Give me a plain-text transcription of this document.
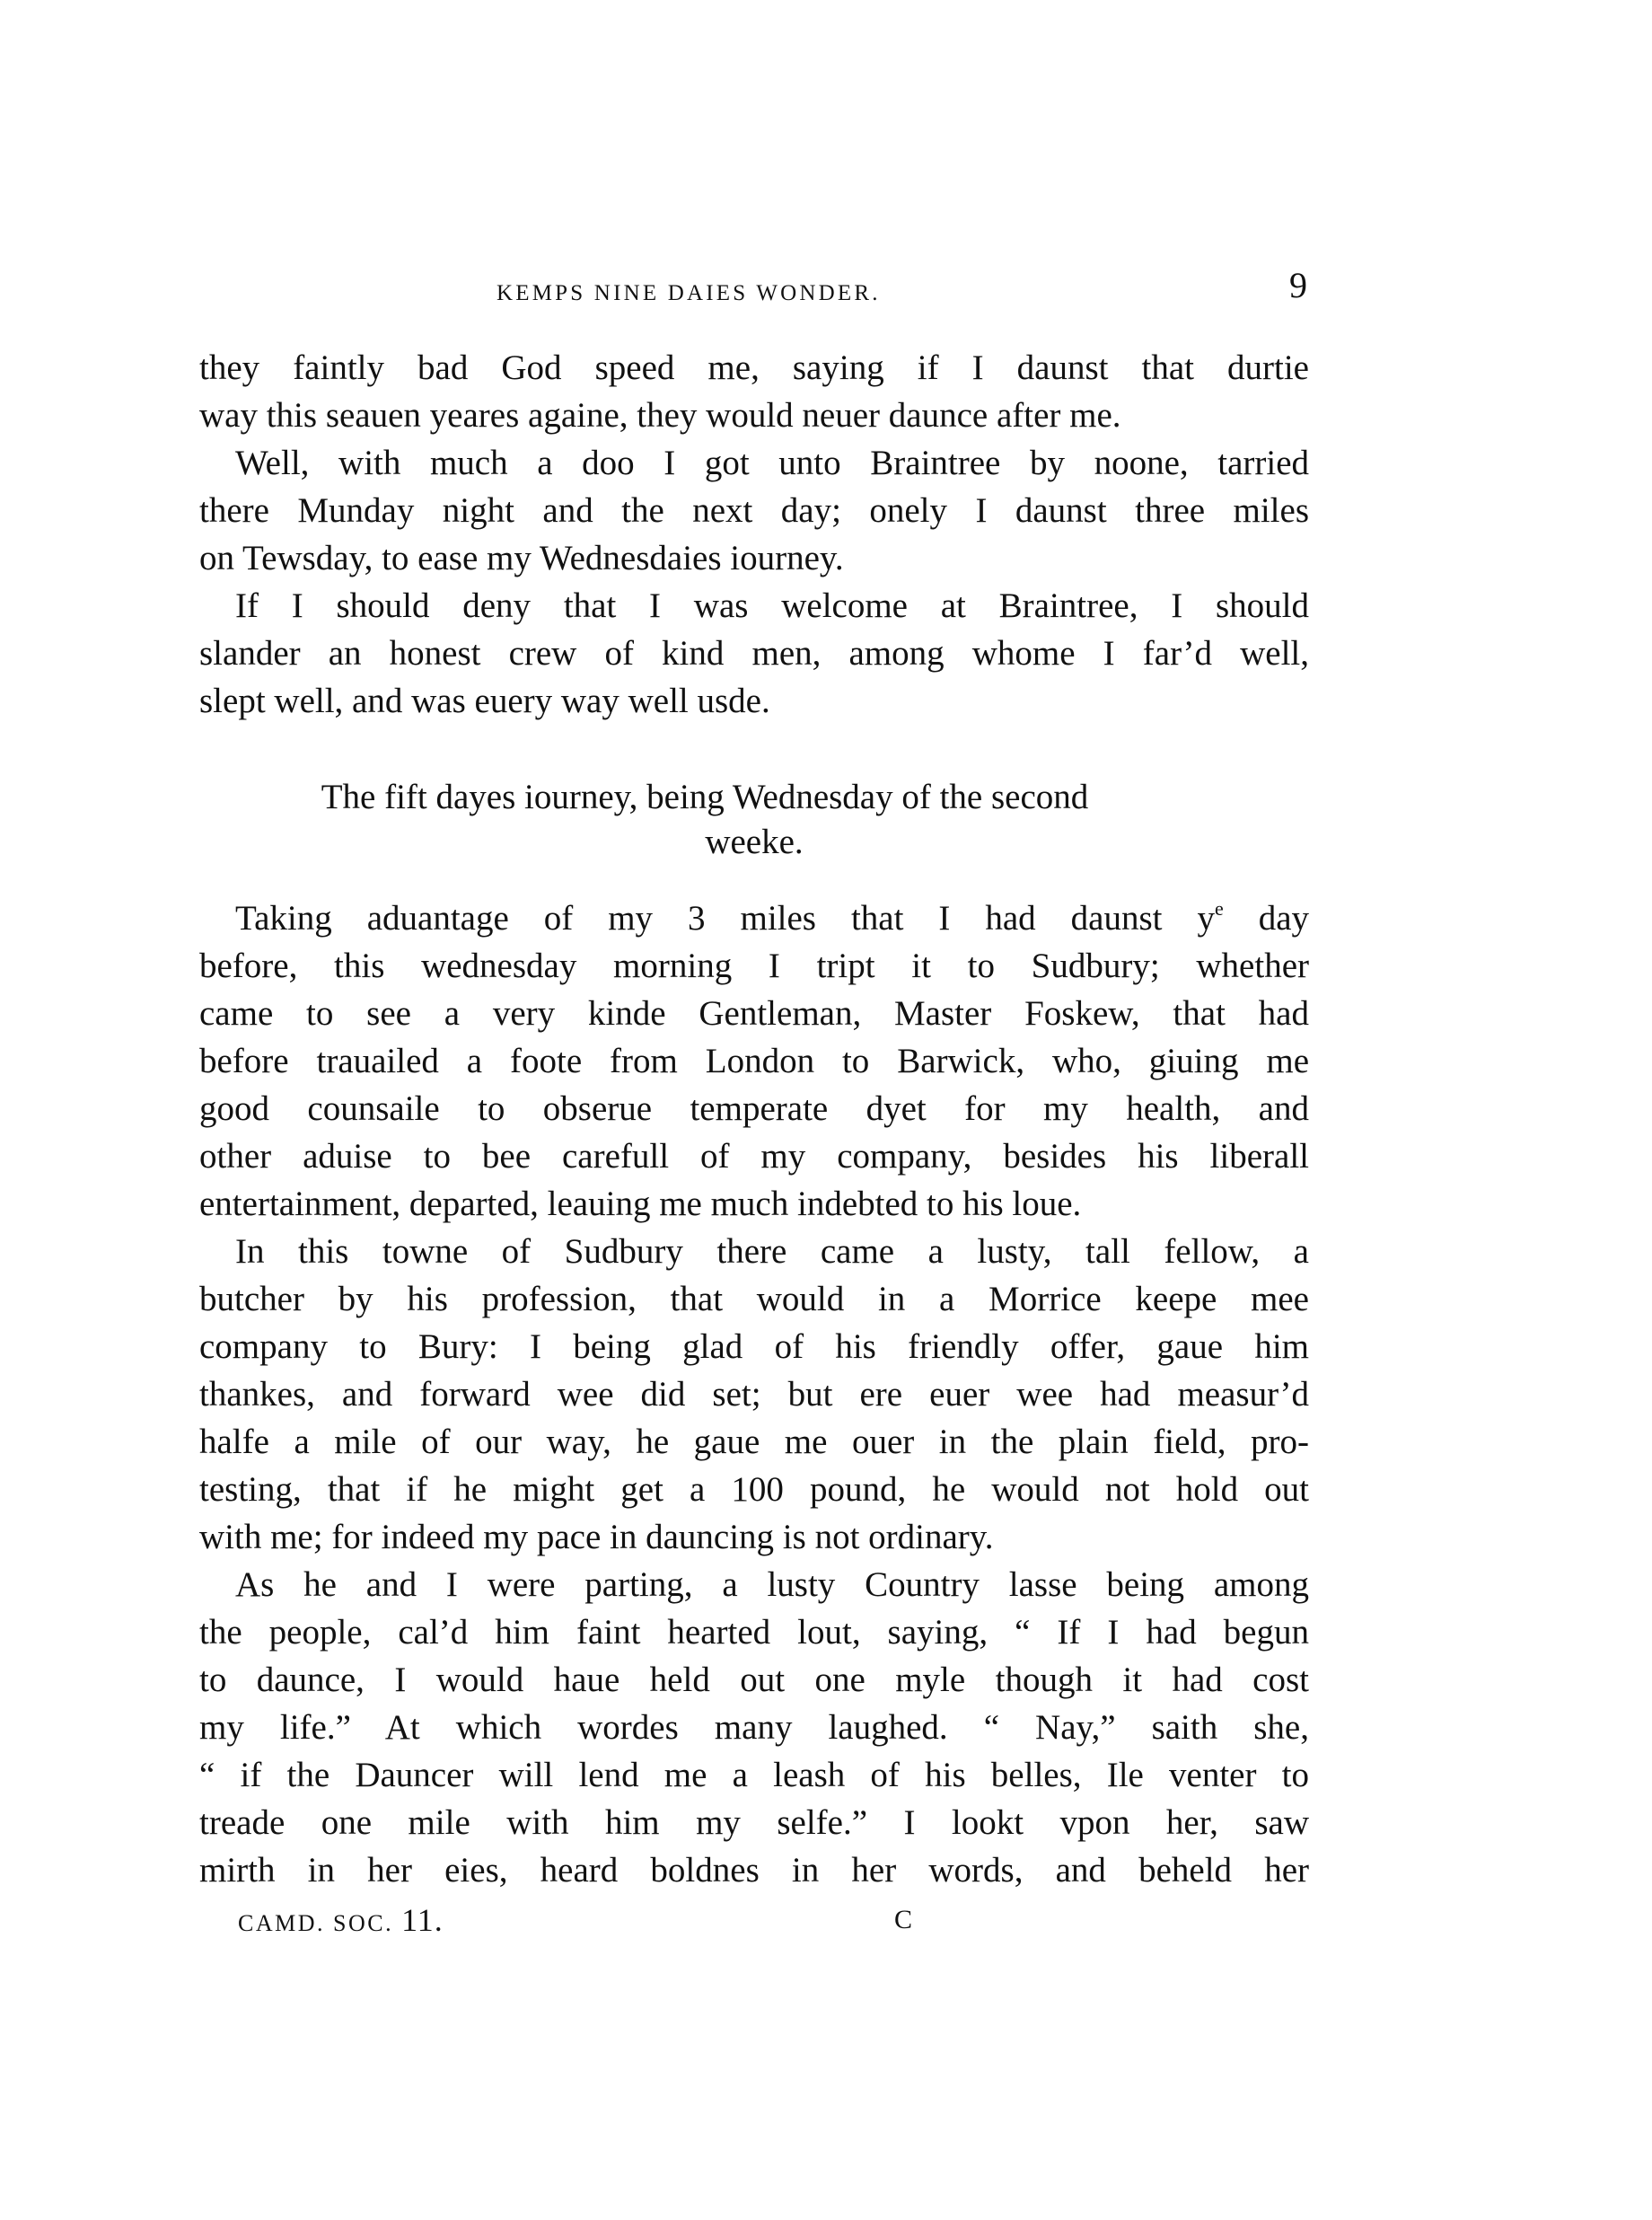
KEMPS NINE DAIES WONDER.	9
they faintly bad God speed me, saying if I daunst that durtie
way this seauen yeares againe, they would neuer daunce after me.
Well, with much a doo I got unto Braintree by noone, tarried
there Munday night and the next day; onely I daunst three miles
on Tewsday, to ease my Wednesdaies iourney.
If I should deny that I was welcome at Braintree, I should
slander an honest crew of kind men, among whome I far’d well,
slept well, and was euery way well usde.
The fift dayes iourney, being Wednesday of the second
weeke.
Taking aduantage of my 3 miles that I had daunst $y^e$ day
before, this wednesday morning I tript it to Sudbury; whether
came to see a very kinde Gentleman, Master Foskew, that had
before trauailed a foote from London to Barwick, who, giuing me
good counsaile to obserue temperate dyet for my health, and
other aduise to bee carefull of my company, besides his liberall
entertainment, departed, leauing me much indebted to his loue.
In this towne of Sudbury there came a lusty, tall fellow, a
butcher by his profession, that would in a Morrice keepe mee
company to Bury: I being glad of his friendly offer, gaue him
thankes, and forward wee did set; but ere euer wee had measur’d
halfe a mile of our way, he gaue me ouer in the plain field, pro-
testing, that if he might get a 100 pound, he would not hold out
with me; for indeed my pace in dauncing is not ordinary.
As he and I were parting, a lusty Country lasse being among
the people, cal’d him faint hearted lout, saying, “ If I had begun
to daunce, I would haue held out one myle though it had cost
my life.” At which wordes many laughed. “ Nay,” saith she,
“ if the Dauncer will lend me a leash of his belles, Ile venter to
treade one mile with him my selfe.” I lookt vpon her, saw
mirth in her eies, heard boldnes in her words, and beheld her
CAMD. SOC. 11.	C
